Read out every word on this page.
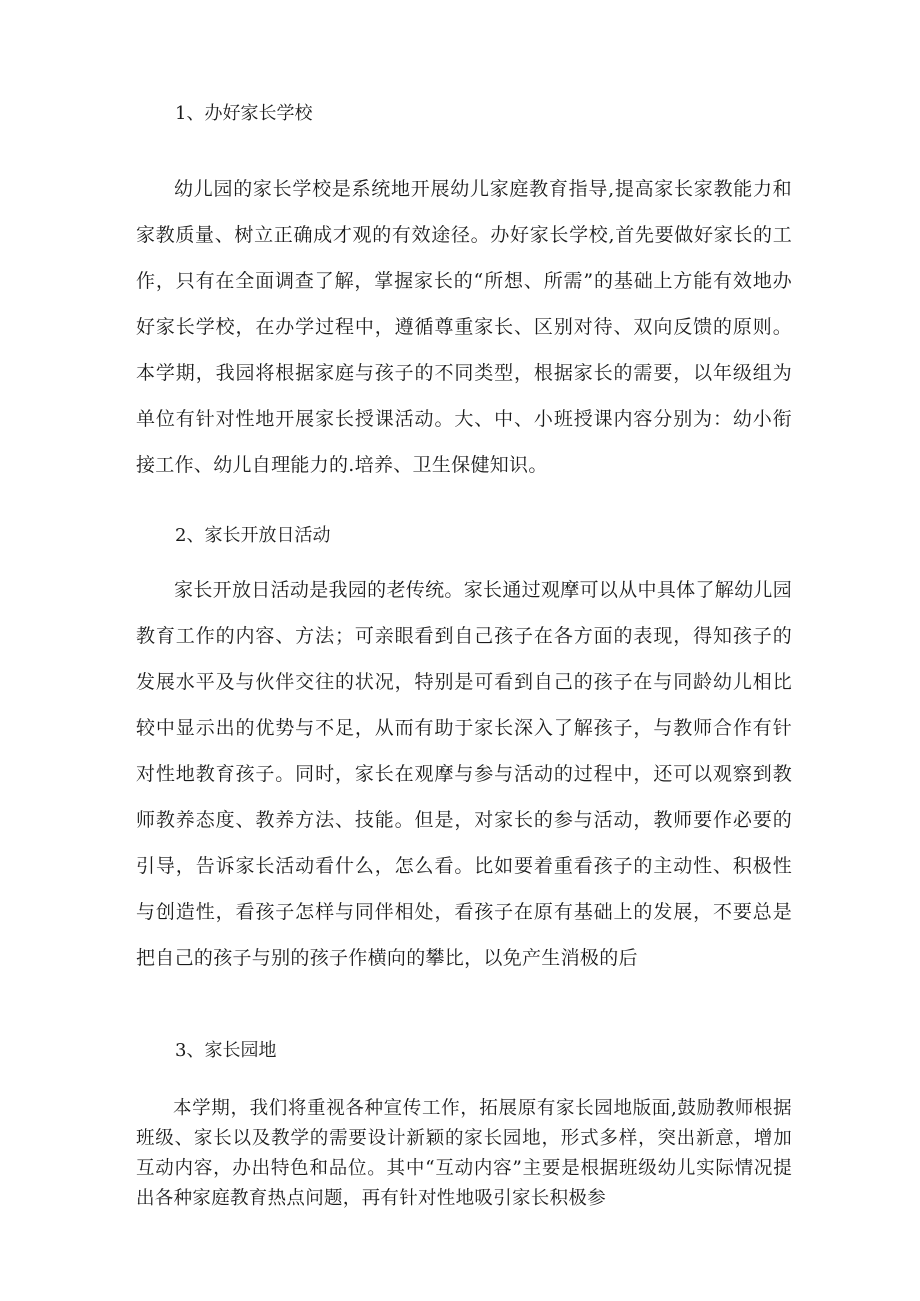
1、办好家长学校
幼儿园的家长学校是系统地开展幼儿家庭教育指导,提高家长家教能力和家教质量、树立正确成才观的有效途径。办好家长学校,首先要做好家长的工作，只有在全面调查了解，掌握家长的“所想、所需”的基础上方能有效地办好家长学校，在办学过程中，遵循尊重家长、区别对待、双向反馈的原则。本学期，我园将根据家庭与孩子的不同类型，根据家长的需要，以年级组为单位有针对性地开展家长授课活动。大、中、小班授课内容分别为：幼小衔接工作、幼儿自理能力的.培养、卫生保健知识。
2、家长开放日活动
家长开放日活动是我园的老传统。家长通过观摩可以从中具体了解幼儿园教育工作的内容、方法；可亲眼看到自己孩子在各方面的表现，得知孩子的发展水平及与伙伴交往的状况，特别是可看到自己的孩子在与同龄幼儿相比较中显示出的优势与不足，从而有助于家长深入了解孩子，与教师合作有针对性地教育孩子。同时，家长在观摩与参与活动的过程中，还可以观察到教师教养态度、教养方法、技能。但是，对家长的参与活动，教师要作必要的引导，告诉家长活动看什么，怎么看。比如要着重看孩子的主动性、积极性与创造性，看孩子怎样与同伴相处，看孩子在原有基础上的发展，不要总是把自己的孩子与别的孩子作横向的攀比，以免产生消极的后
3、家长园地
本学期，我们将重视各种宣传工作，拓展原有家长园地版面,鼓励教师根据班级、家长以及教学的需要设计新颖的家长园地，形式多样，突出新意，增加互动内容，办出特色和品位。其中“互动内容”主要是根据班级幼儿实际情况提出各种家庭教育热点问题，再有针对性地吸引家长积极参
